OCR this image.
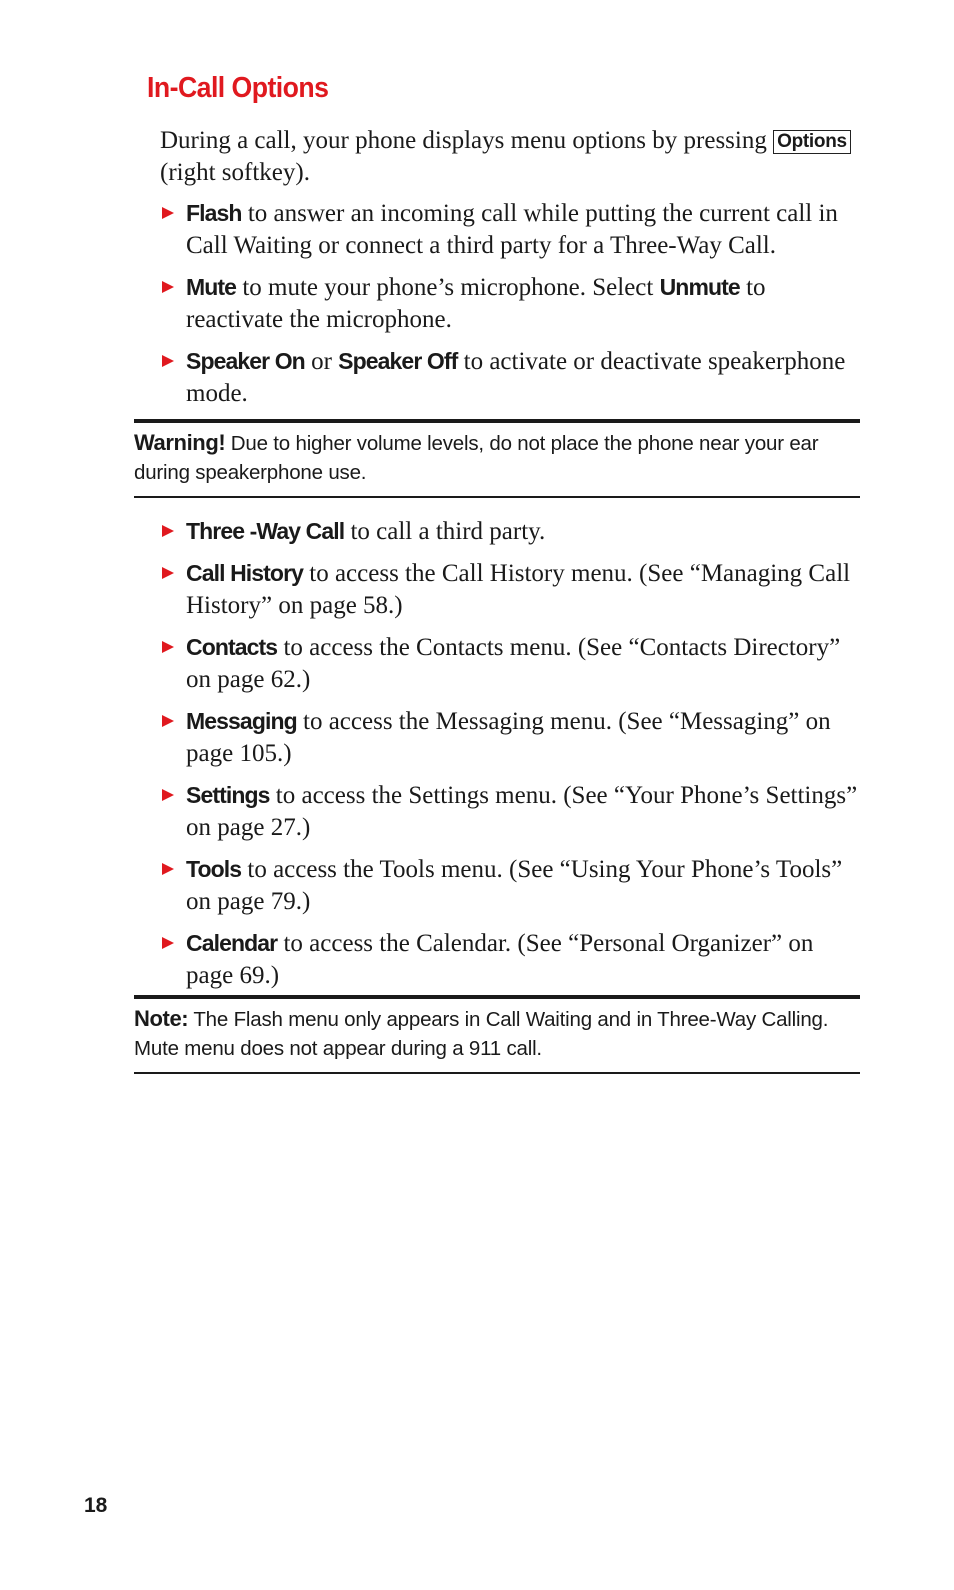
In-Call Options

During a call, your phone displays menu options by pressing Options (right softkey).

Flash to answer an incoming call while putting the current call in Call Waiting or connect a third party for a Three-Way Call.
Mute to mute your phone’s microphone. Select Unmute to reactivate the microphone.
Speaker On or Speaker Off to activate or deactivate speakerphone mode.
Warning! Due to higher volume levels, do not place the phone near your ear during speakerphone use.
Three -Way Call to call a third party.
Call History to access the Call History menu. (See “Managing Call History” on page 58.)
Contacts to access the Contacts menu. (See “Contacts Directory” on page 62.)
Messaging to access the Messaging menu. (See “Messaging” on page 105.)
Settings to access the Settings menu. (See “Your Phone’s Settings” on page 27.)
Tools to access the Tools menu. (See “Using Your Phone’s Tools” on page 79.)
Calendar to access the Calendar. (See “Personal Organizer” on page 69.)
Note: The Flash menu only appears in Call Waiting and in Three-Way Calling. Mute menu does not appear during a 911 call.
18
